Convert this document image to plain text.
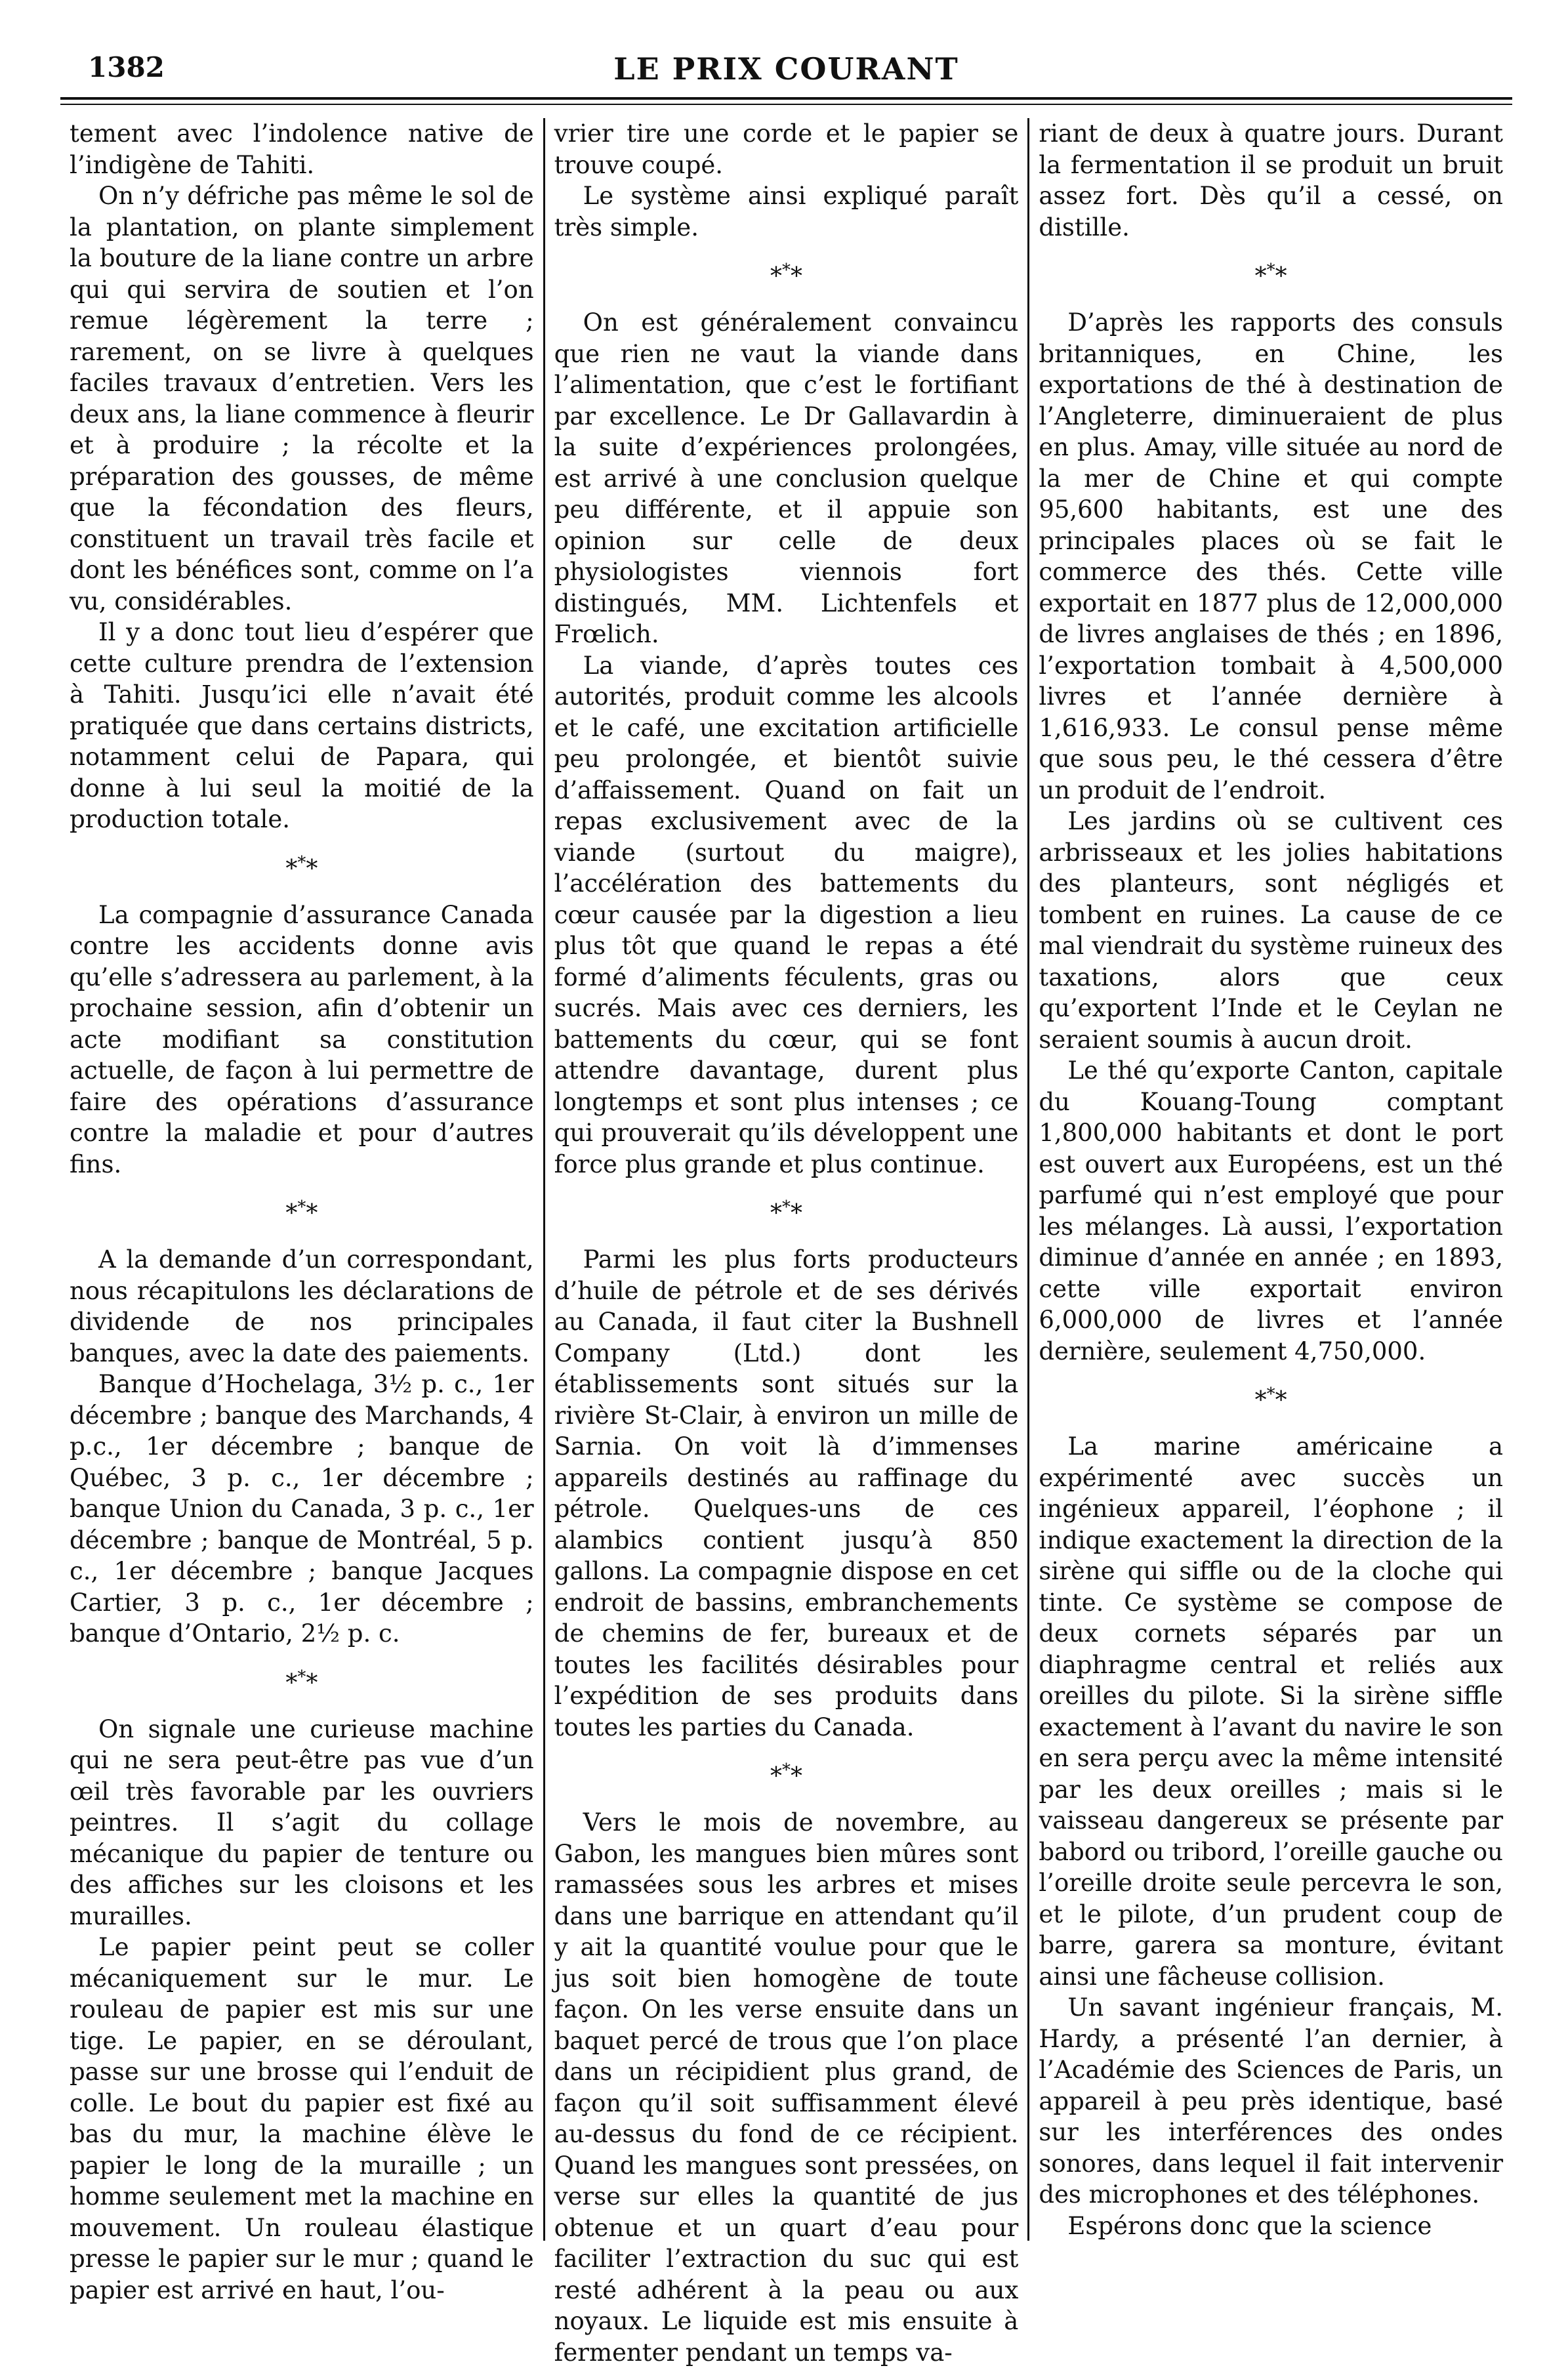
1382	LE PRIX COURANT

tement avec l’indolence native de l’indigène de Tahiti.

On n’y défriche pas même le sol de la plantation, on plante simplement la bouture de la liane contre un arbre qui qui servira de soutien et l’on remue légèrement la terre ; rarement, on se livre à quelques faciles travaux d’entretien. Vers les deux ans, la liane commence à fleurir et à produire ; la récolte et la préparation des gousses, de même que la fécondation des fleurs, constituent un travail très facile et dont les bénéfices sont, comme on l’a vu, considérables.

Il y a donc tout lieu d’espérer que cette culture prendra de l’extension à Tahiti. Jusqu’ici elle n’avait été pratiquée que dans certains districts, notamment celui de Papara, qui donne à lui seul la moitié de la production totale.

***

La compagnie d’assurance Canada contre les accidents donne avis qu’elle s’adressera au parlement, à la prochaine session, afin d’obtenir un acte modifiant sa constitution actuelle, de façon à lui permettre de faire des opérations d’assurance contre la maladie et pour d’autres fins.

***

A la demande d’un correspondant, nous récapitulons les déclarations de dividende de nos principales banques, avec la date des paiements.

Banque d’Hochelaga, 3½ p. c., 1er décembre ; banque des Marchands, 4 p.c., 1er décembre ; banque de Québec, 3 p. c., 1er décembre ; banque Union du Canada, 3 p. c., 1er décembre ; banque de Montréal, 5 p. c., 1er décembre ; banque Jacques Cartier, 3 p. c., 1er décembre ; banque d’Ontario, 2½ p. c.

***

On signale une curieuse machine qui ne sera peut-être pas vue d’un œil très favorable par les ouvriers peintres. Il s’agit du collage mécanique du papier de tenture ou des affiches sur les cloisons et les murailles.

Le papier peint peut se coller mécaniquement sur le mur. Le rouleau de papier est mis sur une tige. Le papier, en se déroulant, passe sur une brosse qui l’enduit de colle. Le bout du papier est fixé au bas du mur, la machine élève le papier le long de la muraille ; un homme seulement met la machine en mouvement. Un rouleau élastique presse le papier sur le mur ; quand le papier est arrivé en haut, l’ou-

vrier tire une corde et le papier se trouve coupé.

Le système ainsi expliqué paraît très simple.

***

On est généralement convaincu que rien ne vaut la viande dans l’alimentation, que c’est le fortifiant par excellence. Le Dr Gallavardin à la suite d’expériences prolongées, est arrivé à une conclusion quelque peu différente, et il appuie son opinion sur celle de deux physiologistes viennois fort distingués, MM. Lichtenfels et Frœlich.

La viande, d’après toutes ces autorités, produit comme les alcools et le café, une excitation artificielle peu prolongée, et bientôt suivie d’affaissement. Quand on fait un repas exclusivement avec de la viande (surtout du maigre), l’accélération des battements du cœur causée par la digestion a lieu plus tôt que quand le repas a été formé d’aliments féculents, gras ou sucrés. Mais avec ces derniers, les battements du cœur, qui se font attendre davantage, durent plus longtemps et sont plus intenses ; ce qui prouverait qu’ils développent une force plus grande et plus continue.

***

Parmi les plus forts producteurs d’huile de pétrole et de ses dérivés au Canada, il faut citer la Bushnell Company (Ltd.) dont les établissements sont situés sur la rivière St-Clair, à environ un mille de Sarnia. On voit là d’immenses appareils destinés au raffinage du pétrole. Quelques-uns de ces alambics contient jusqu’à 850 gallons. La compagnie dispose en cet endroit de bassins, embranchements de chemins de fer, bureaux et de toutes les facilités désirables pour l’expédition de ses produits dans toutes les parties du Canada.

***

Vers le mois de novembre, au Gabon, les mangues bien mûres sont ramassées sous les arbres et mises dans une barrique en attendant qu’il y ait la quantité voulue pour que le jus soit bien homogène de toute façon. On les verse ensuite dans un baquet percé de trous que l’on place dans un récipidient plus grand, de façon qu’il soit suffisamment élevé au-dessus du fond de ce récipient. Quand les mangues sont pressées, on verse sur elles la quantité de jus obtenue et un quart d’eau pour faciliter l’extraction du suc qui est resté adhérent à la peau ou aux noyaux. Le liquide est mis ensuite à fermenter pendant un temps va-

riant de deux à quatre jours. Durant la fermentation il se produit un bruit assez fort. Dès qu’il a cessé, on distille.

***

D’après les rapports des consuls britanniques, en Chine, les exportations de thé à destination de l’Angleterre, diminueraient de plus en plus. Amay, ville située au nord de la mer de Chine et qui compte 95,600 habitants, est une des principales places où se fait le commerce des thés. Cette ville exportait en 1877 plus de 12,000,000 de livres anglaises de thés ; en 1896, l’exportation tombait à 4,500,000 livres et l’année dernière à 1,616,933. Le consul pense même que sous peu, le thé cessera d’être un produit de l’endroit.

Les jardins où se cultivent ces arbrisseaux et les jolies habitations des planteurs, sont négligés et tombent en ruines. La cause de ce mal viendrait du système ruineux des taxations, alors que ceux qu’exportent l’Inde et le Ceylan ne seraient soumis à aucun droit.

Le thé qu’exporte Canton, capitale du Kouang-Toung comptant 1,800,000 habitants et dont le port est ouvert aux Européens, est un thé parfumé qui n’est employé que pour les mélanges. Là aussi, l’exportation diminue d’année en année ; en 1893, cette ville exportait environ 6,000,000 de livres et l’année dernière, seulement 4,750,000.

***

La marine américaine a expérimenté avec succès un ingénieux appareil, l’éophone ; il indique exactement la direction de la sirène qui siffle ou de la cloche qui tinte. Ce système se compose de deux cornets séparés par un diaphragme central et reliés aux oreilles du pilote. Si la sirène siffle exactement à l’avant du navire le son en sera perçu avec la même intensité par les deux oreilles ; mais si le vaisseau dangereux se présente par babord ou tribord, l’oreille gauche ou l’oreille droite seule percevra le son, et le pilote, d’un prudent coup de barre, garera sa monture, évitant ainsi une fâcheuse collision.

Un savant ingénieur français, M. Hardy, a présenté l’an dernier, à l’Académie des Sciences de Paris, un appareil à peu près identique, basé sur les interférences des ondes sonores, dans lequel il fait intervenir des microphones et des téléphones.

Espérons donc que la science
